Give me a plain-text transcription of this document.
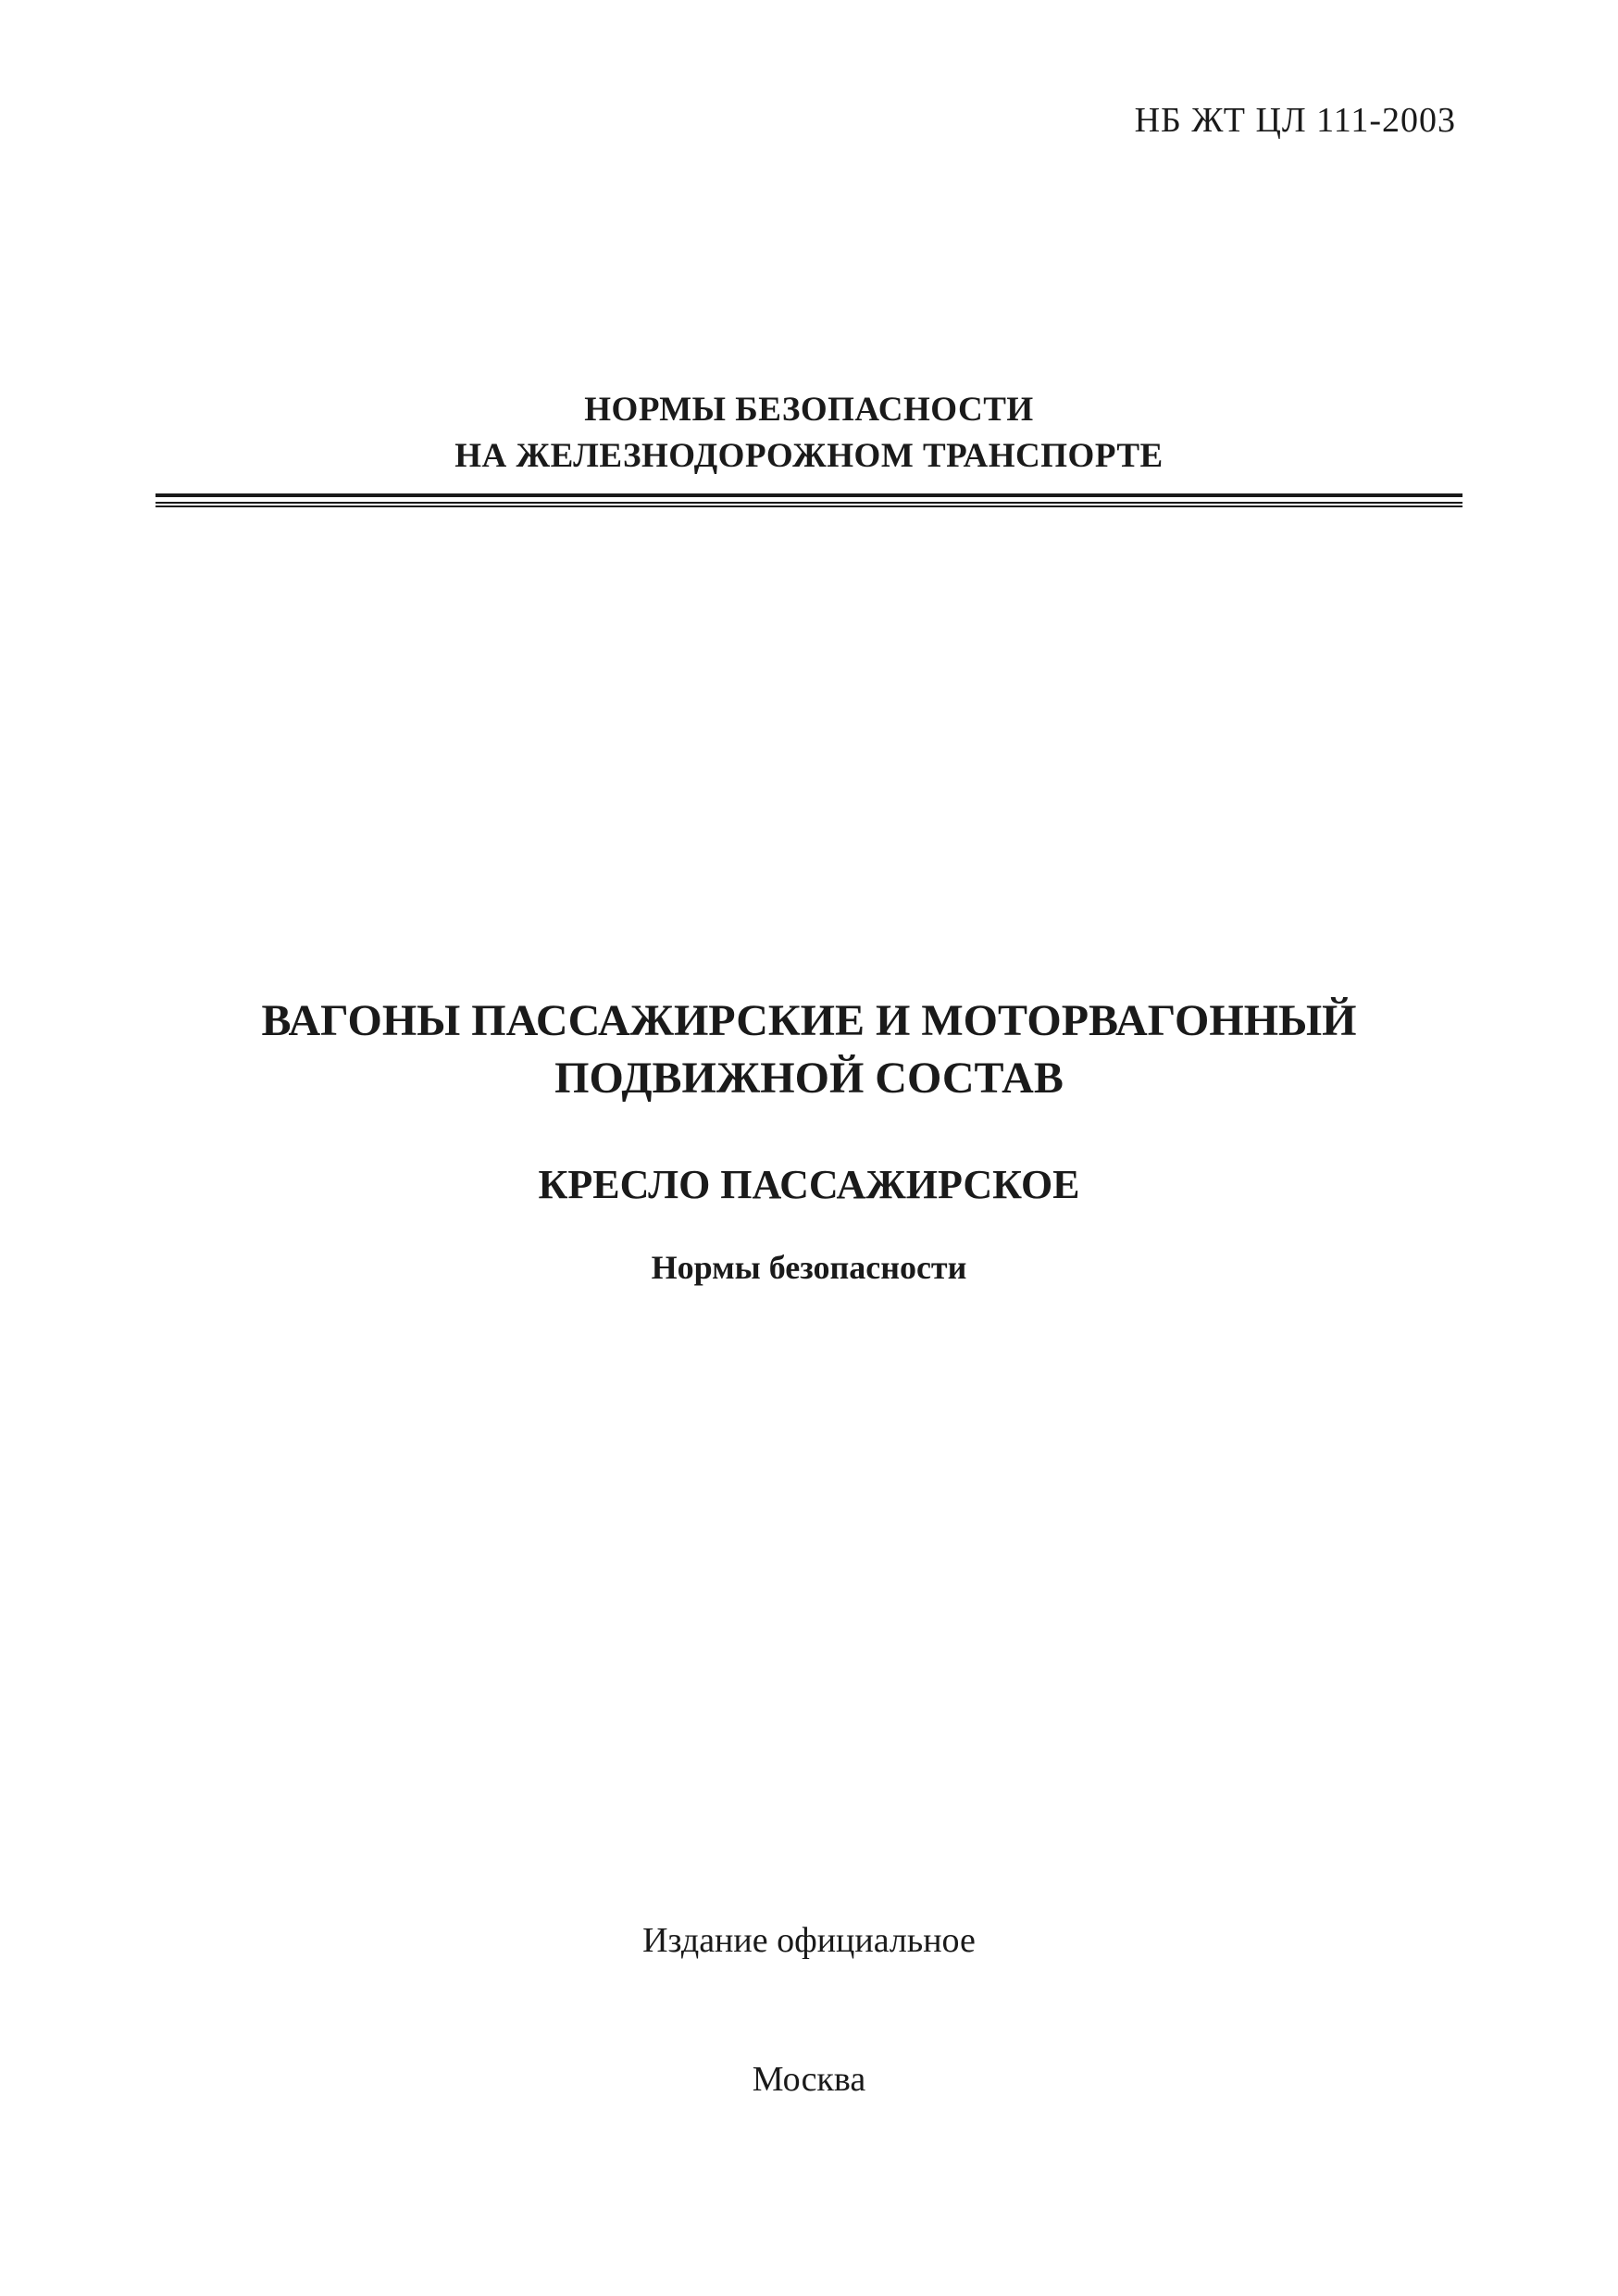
НБ ЖТ ЦЛ 111-2003
НОРМЫ БЕЗОПАСНОСТИ
НА ЖЕЛЕЗНОДОРОЖНОМ ТРАНСПОРТЕ
ВАГОНЫ ПАССАЖИРСКИЕ И МОТОРВАГОННЫЙ
ПОДВИЖНОЙ СОСТАВ
КРЕСЛО ПАССАЖИРСКОЕ
Нормы безопасности
Издание официальное
Москва
